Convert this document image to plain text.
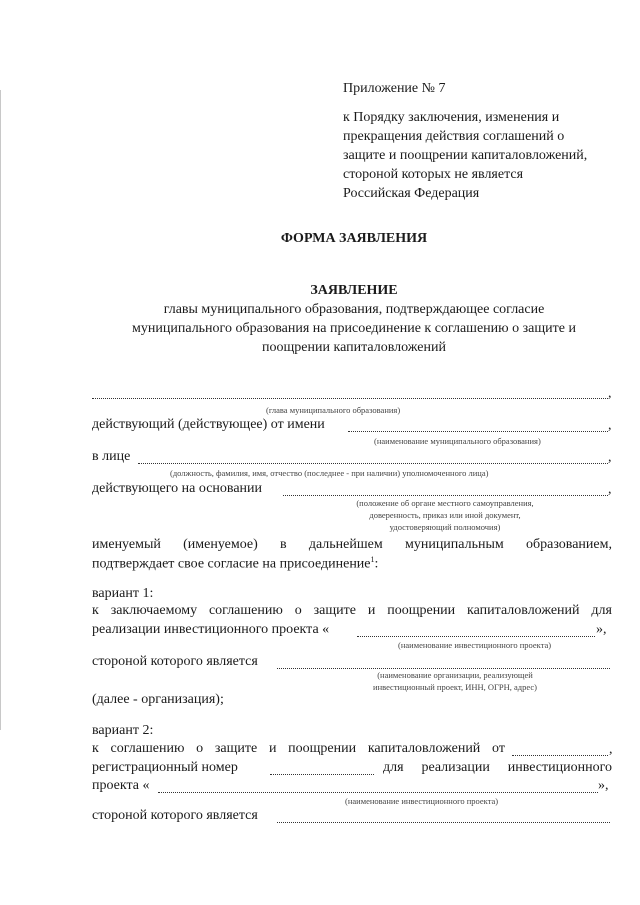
Приложение № 7
к Порядку заключения, изменения и
прекращения действия соглашений о
защите и поощрении капиталовложений,
стороной которых не является
Российская Федерация
ФОРМА ЗАЯВЛЕНИЯ
ЗАЯВЛЕНИЕ
главы муниципального образования, подтверждающее согласие
муниципального образования на присоединение к соглашению о защите и
поощрении капиталовложений
,
(глава муниципального образования)
действующий (действующее) от имени	,
(наименование муниципального образования)
в лице	,
(должность, фамилия, имя, отчество (последнее - при наличии) уполномоченного лица)
действующего на основании	,
(положение об органе местного самоуправления,
доверенность, приказ или иной документ,
удостоверяющий полномочия)
именуемый (именуемое) в дальнейшем муниципальным образованием,
подтверждает свое согласие на присоединение$^1$:
вариант 1:
к заключаемому соглашению о защите и поощрении капиталовложений для
реализации инвестиционного проекта «	»,
(наименование инвестиционного проекта)
стороной которого является
(наименование организации, реализующей
инвестиционный проект, ИНН, ОГРН, адрес)
(далее - организация);
вариант 2:
к соглашению о защите и поощрении капиталовложений от	,
регистрационный номер	для реализации инвестиционного
проекта «	»,
(наименование инвестиционного проекта)
стороной которого является
